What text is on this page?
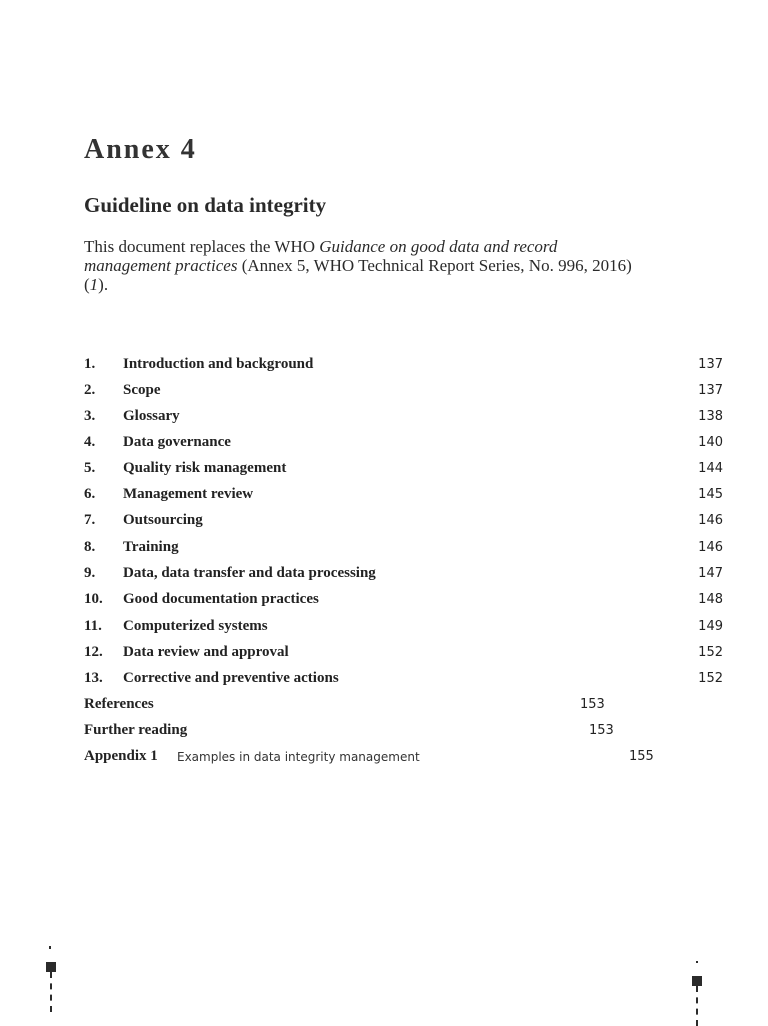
Annex 4
Guideline on data integrity
This document replaces the WHO Guidance on good data and record
management practices (Annex 5, WHO Technical Report Series, No. 996, 2016)
(1).
1. Introduction and background	137
2. Scope	137
3. Glossary	138
4. Data governance	140
5. Quality risk management	144
6. Management review	145
7. Outsourcing	146
8. Training	146
9. Data, data transfer and data processing	147
10. Good documentation practices	148
11. Computerized systems	149
12. Data review and approval	152
13. Corrective and preventive actions	152
References	153
Further reading	153
Appendix 1 Examples in data integrity management	155
